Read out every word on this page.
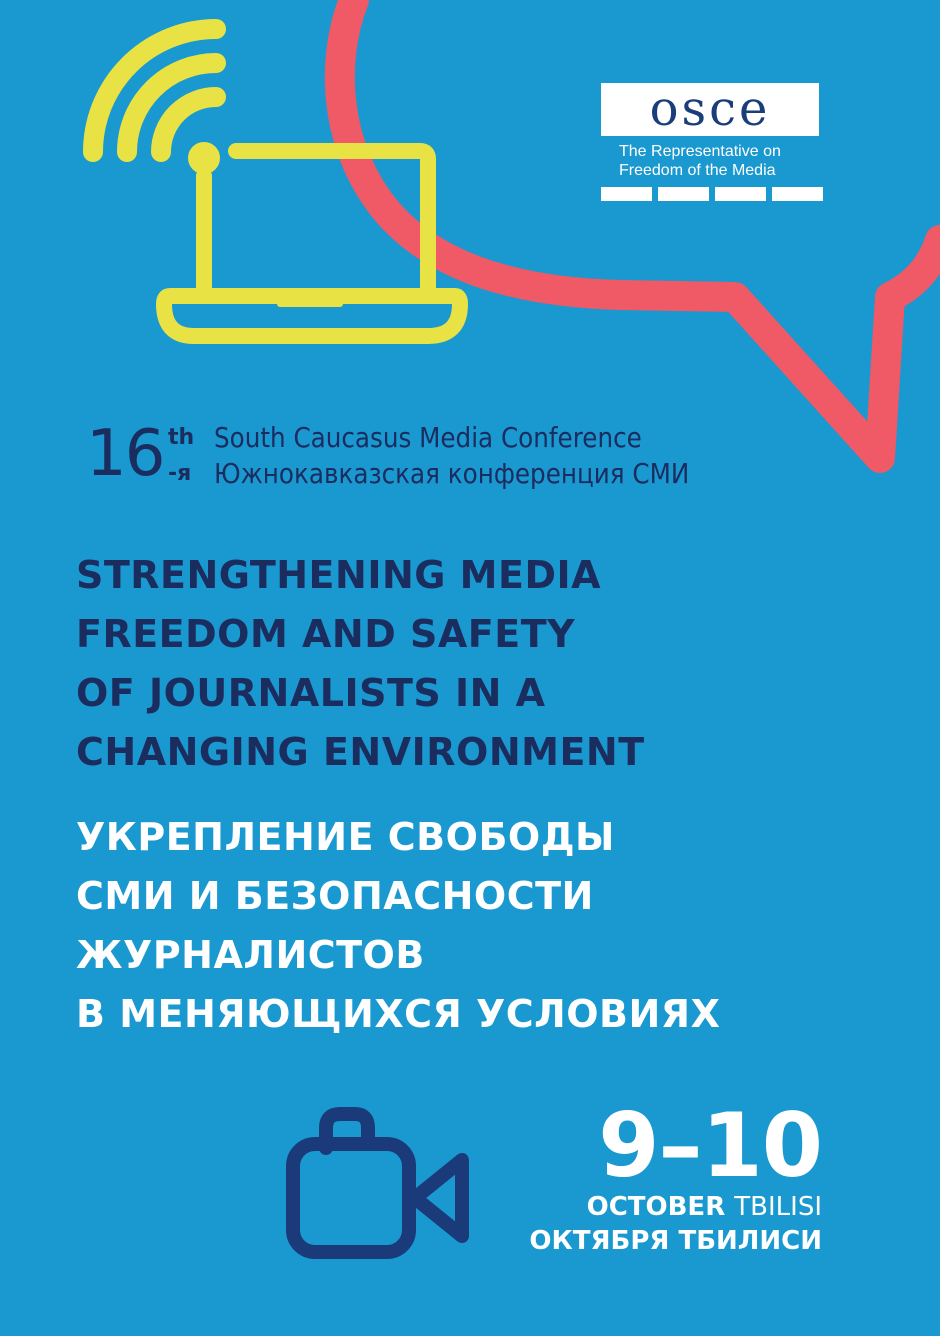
osce
The Representative on
Freedom of the Media
16 th
-я
South Caucasus Media Conference
Южнокавказская конференция СМИ
STRENGTHENING MEDIA
FREEDOM AND SAFETY
OF JOURNALISTS IN A
CHANGING ENVIRONMENT
УКРЕПЛЕНИЕ СВОБОДЫ
СМИ И БЕЗОПАСНОСТИ
ЖУРНАЛИСТОВ
В МЕНЯЮЩИХСЯ УСЛОВИЯХ
9–10
OCTOBER TBILISI
ОКТЯБРЯ ТБИЛИСИ
